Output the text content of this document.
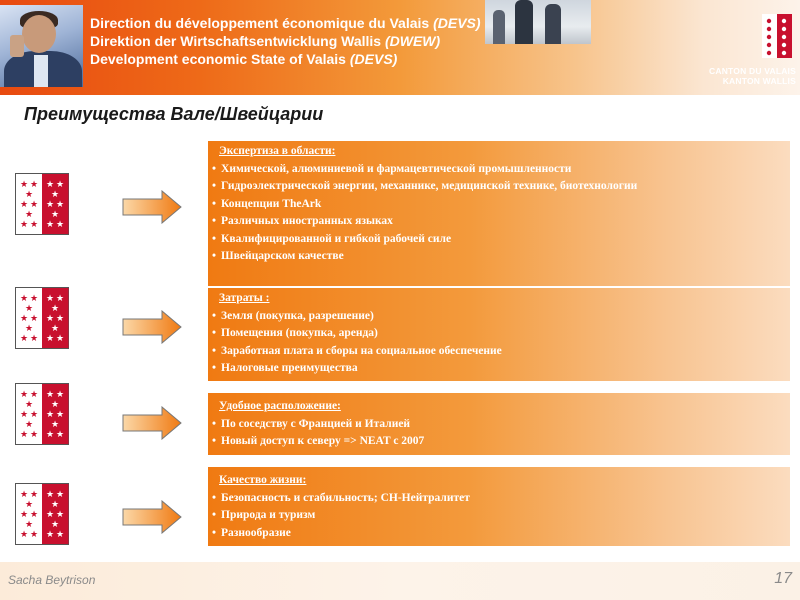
Direction du développement économique du Valais (DEVS)
Direktion der Wirtschaftsentwicklung Wallis (DWEW)
Development economic State of Valais (DEVS)
CANTON DU VALAIS
KANTON WALLIS
Преимущества Вале/Швейцарии
★ ★
★
★ ★
★
★ ★
★ ★
★
★ ★
★
★ ★
Экспертиза в области:
• Химической, алюминиевой и фармацевтической промышленности
• Гидроэлектрической энергии, механнике, медицинской технике, биотехнологии
• Концепции TheArk
• Различных иностранных языках
• Квалифицированной и гибкой рабочей силе
• Швейцарском качестве
★ ★
★
★ ★
★
★ ★
★ ★
★
★ ★
★
★ ★
Затраты :
• Земля (покупка, разрешение)
• Помещения (покупка, аренда)
• Заработная плата и сборы на социальное обеспечение
• Налоговые преимущества
★ ★
★
★ ★
★
★ ★
★ ★
★
★ ★
★
★ ★
Удобное расположение:
• По соседству с Францией и Италией
• Новый доступ к северу => NEAT с 2007
★ ★
★
★ ★
★
★ ★
★ ★
★
★ ★
★
★ ★
Качество жизни:
• Безопасность и стабильность; CH-Нейтралитет
• Природа и туризм
• Разнообразие
Sacha Beytrison	17
